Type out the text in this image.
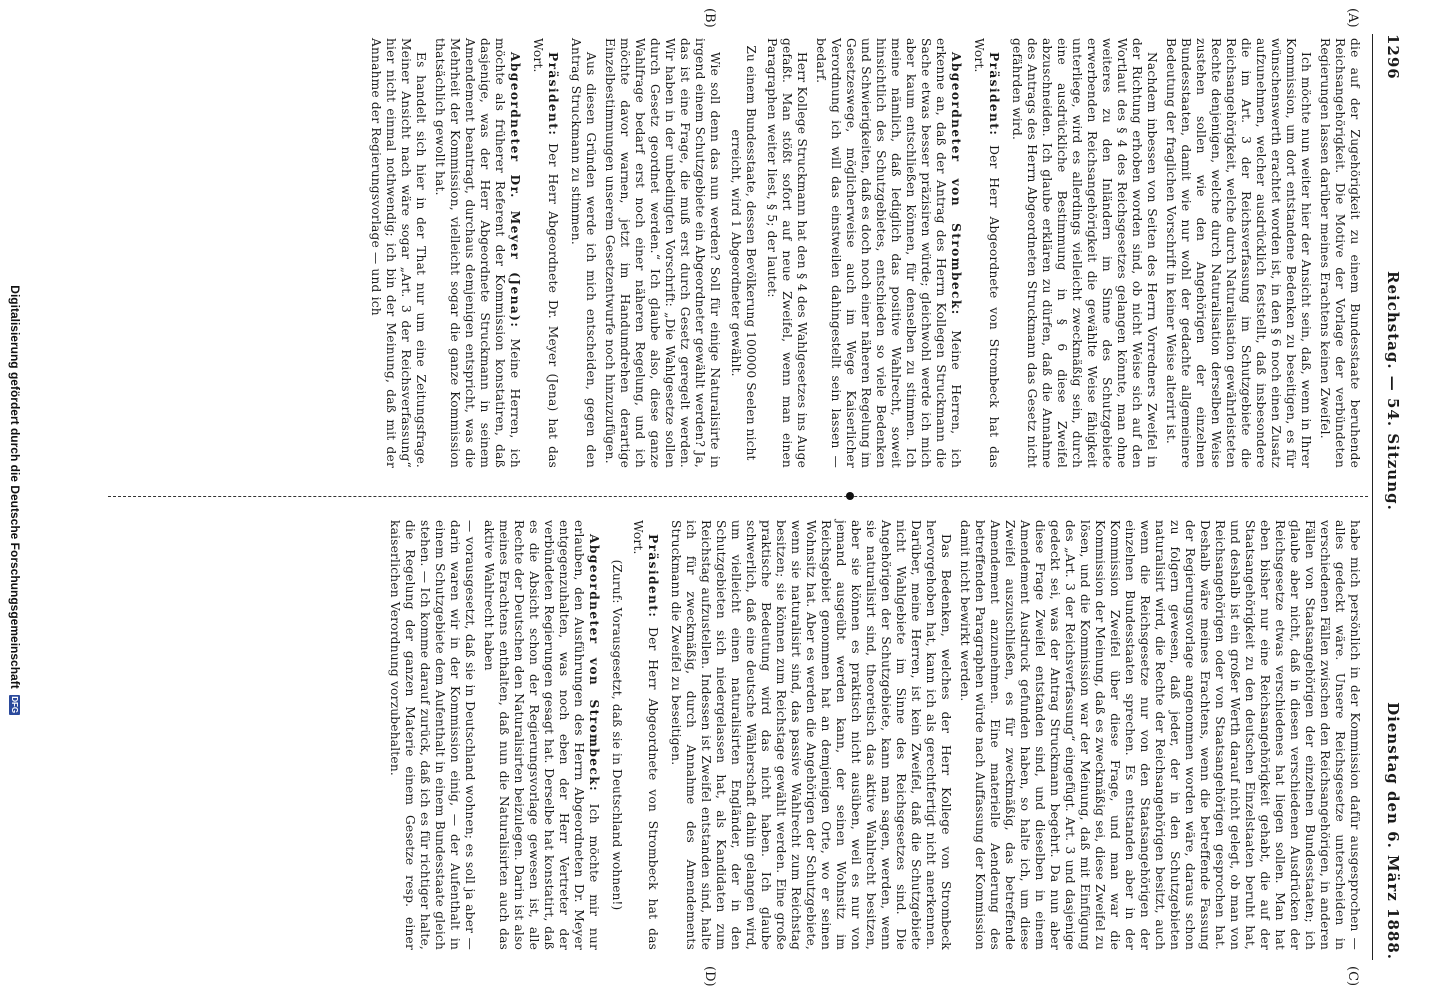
1296
Reichstag. — 54. Sitzung.
Dienstag den 6. März 1888.
(A)
(B)
(C)
(D)

die auf der Zugehörigkeit zu einem Bundesstaate beruhende Reichsangehörigkeit. Die Motive der Vorlage der verbündeten Regierungen lassen darüber meines Erachtens keinen Zweifel.

Ich möchte nun weiter hier der Ansicht sein, daß, wenn in Ihrer Kommission, um dort entstandene Bedenken zu beseitigen, es für wünschenswerth erachtet worden ist, in den § 6 noch einen Zusatz aufzunehmen, welcher ausdrücklich feststellt, daß insbesondere die im Art. 3 der Reichsverfassung im Schutzgebiete die Reichsangehörigkeit, welche durch Naturalisation gewährleisteten Rechte denjenigen, welche durch Naturalisation derselben Weise zustehen sollen wie den Angehörigen der einzelnen Bundesstaaten, damit wie nur wohl der gedachte allgemeinere Bedeutung der fraglichen Vorschrift in keiner Weise alterirt ist.

Nachdem inbessen von Seiten des Herrn Vorredners Zweifel in der Richtung erhoben worden sind, ob nicht Weise sich auf den Wortlaut des § 4 des Reichsgesetzes gelangen könnte, man ohne weiteres zu den Inländern im Sinne des Schutzgebiete erwerbenden Reichsangehörigkeit die gewählte Weise fähigkeit unterliege, wird es allerdings vielleicht zweckmäßig sein, durch eine ausdrückliche Bestimmung in § 6 diese Zweifel abzuschneiden. Ich glaube erklären zu dürfen, daß die Annahme des Antrags des Herrn Abgeordneten Struckmann das Gesetz nicht gefährden wird.

Präsident: Der Herr Abgeordnete von Strombeck hat das Wort.

Abgeordneter von Strombeck: Meine Herren, ich erkenne an, daß der Antrag des Herrn Kollegen Struckmann die Sache etwas besser präzisiren würde; gleichwohl werde ich mich aber kaum entschließen können, für denselben zu stimmen. Ich meine nämlich, daß lediglich das positive Wahlrecht, soweit hinsichtlich des Schutzgebietes, entschieden so viele Bedenken und Schwierigkeiten, daß es doch noch einer näheren Regelung im Gesetzeswege, möglicherweise auch im Wege Kaiserlicher Verordnung ich will das einstweilen dahingestellt sein lassen — bedarf.

Herr Kollege Struckmann hat den § 4 des Wahlgesetzes ins Auge gefaßt. Man stößt sofort auf neue Zweifel, wenn man einen Paragraphen weiter liest, § 5; der lautet:

Zu einem Bundesstaate, dessen Bevölkerung 100000 Seelen nicht erreicht, wird 1 Abgeordneter gewählt.

Wie soll denn das nun werden? Soll für einige Naturalisirte in irgend einem Schutzgebiete ein Abgeordneter gewählt werden? Ja, das ist eine Frage, die muß erst durch Gesetz geregelt werden. Wir haben in der unbedingten Vorschrift: „Die Wahlgesetze sollen durch Gesetz geordnet werden.“ Ich glaube also, diese ganze Wahlfrage bedarf erst noch einer näheren Regelung, und ich möchte davor warnen, jetzt im Handumdrehen derartige Einzelbestimmungen unserem Gesetzentwurfe noch hinzuzufügen.

Aus diesen Gründen werde ich mich entscheiden, gegen den Antrag Struckmann zu stimmen.

Präsident: Der Herr Abgeordnete Dr. Meyer (Jena) hat das Wort.

Abgeordneter Dr. Meyer (Jena): Meine Herren, ich möchte als früherer Referent der Kommission konstatiren, daß dasjenige, was der Herr Abgeordnete Struckmann in seinem Amendement beantragt, durchaus demjenigen entspricht, was die Mehrheit der Kommission, vielleicht sogar die ganze Kommission thatsächlich gewollt hat.

Es handelt sich hier in der That nur um eine Zeitungsfrage. Meiner Ansicht nach wäre sogar „Art. 3 der Reichsverfassung“ hier nicht einmal nothwendig; ich bin der Meinung, daß mit der Annahme der Regierungsvorlage — und ich

habe mich persönlich in der Kommission dafür ausgesprochen — alles gedeckt wäre. Unsere Reichsgesetze unterscheiden in verschiedenen Fällen zwischen den Reichsangehörigen, in anderen Fällen von Staatsangehörigen der einzelnen Bundesstaaten; ich glaube aber nicht, daß in diesen verschiedenen Ausdrücken der Reichsgesetze etwas verschiedenes hat liegen sollen. Man hat eben bisher nur eine Reichsangehörigkeit gehabt, die auf der Staatsangehörigkeit zu den deutschen Einzelstaaten beruht hat, und deshalb ist ein großer Werth darauf nicht gelegt, ob man von Reichsangehörigen oder von Staatsangehörigen gesprochen hat. Deshalb wäre meines Erachtens, wenn die betreffende Fassung der Regierungsvorlage angenommen worden wäre, daraus schon zu folgern gewesen, daß jeder, der in den Schutzgebieten naturalisirt wird, die Rechte der Reichsangehörigen besitzt, auch wenn die Reichsgesetze nur von den Staatsangehörigen der einzelnen Bundesstaaten sprechen. Es entstanden aber in der Kommission Zweifel über diese Frage, und man war die Kommission der Meinung, daß es zweckmäßig sei, diese Zweifel zu lösen, und die Kommission war der Meinung, daß mit Einfügung des „Art. 3 der Reichsverfassung“ eingefügt. Art. 3 und dasjenige gedeckt sei, was der Antrag Struckmann begehrt. Da nun aber diese Frage Zweifel entstanden sind, und dieselben in einem Amendement Ausdruck gefunden haben, so halte ich, um diese Zweifel auszuschließen, es für zweckmäßig, das betreffende Amendement anzunehmen. Eine materielle Aenderung des betreffenden Paragraphen würde nach Auffassung der Kommission damit nicht bewirkt werden.

Das Bedenken, welches der Herr Kollege von Strombeck hervorgehoben hat, kann ich als gerechtfertigt nicht anerkennen. Darüber, meine Herren, ist kein Zweifel, daß die Schutzgebiete nicht Wahlgebiete im Sinne des Reichsgesetzes sind. Die Angehörigen der Schutzgebiete, kann man sagen, werden, wenn sie naturalisirt sind, theoretisch das aktive Wahlrecht besitzen, aber sie können es praktisch nicht ausüben, weil es nur von jemand ausgeübt werden kann, der seinen Wohnsitz im Reichsgebiet genommen hat an demjenigen Orte, wo er seinen Wohnsitz hat. Aber es werden die Angehörigen der Schutzgebiete, wenn sie naturalisirt sind, das passive Wahlrecht zum Reichstag besitzen; sie können zum Reichstage gewählt werden. Eine große praktische Bedeutung wird das nicht haben. Ich glaube schwerlich, daß eine deutsche Wählerschaft dahin gelangen wird, um vielleicht einen naturalisirten Engländer, der in den Schutzgebieten sich niedergelassen hat, als Kandidaten zum Reichstag aufzustellen. Indessen ist Zweifel entstanden sind, halte ich für zweckmäßig, durch Annahme des Amendements Struckmann die Zweifel zu beseitigen.

Präsident: Der Herr Abgeordnete von Strombeck hat das Wort.

(Zuruf: Vorausgesetzt, daß sie in Deutschland wohnen!)

Abgeordneter von Strombeck: Ich möchte mir nur erlauben, den Ausführungen des Herrn Abgeordneten Dr. Meyer entgegenzuhalten, was noch eben der Herr Vertreter der verbündeten Regierungen gesagt hat. Derselbe hat konstatirt, daß es die Absicht schon der Regierungsvorlage gewesen ist, alle Rechte der Deutschen den Naturalisirten beizulegen. Darin ist also meines Erachtens enthalten, daß nun die Naturalisirten auch das aktive Wahlrecht haben

— vorausgesetzt, daß sie in Deutschland wohnen; es soll ja aber — darin waren wir in der Kommission einig, — der Aufenthalt in einem Schutzgebiete dem Aufenthalt in einem Bundesstaate gleich stehen. — Ich komme darauf zurück, daß ich es für richtiger halte, die Regelung der ganzen Materie einem Gesetze resp. einer kaiserlichen Verordnung vorzubehalten.

Digitalisierung gefördert durch die Deutsche Forschungsgemeinschaft
DFG
